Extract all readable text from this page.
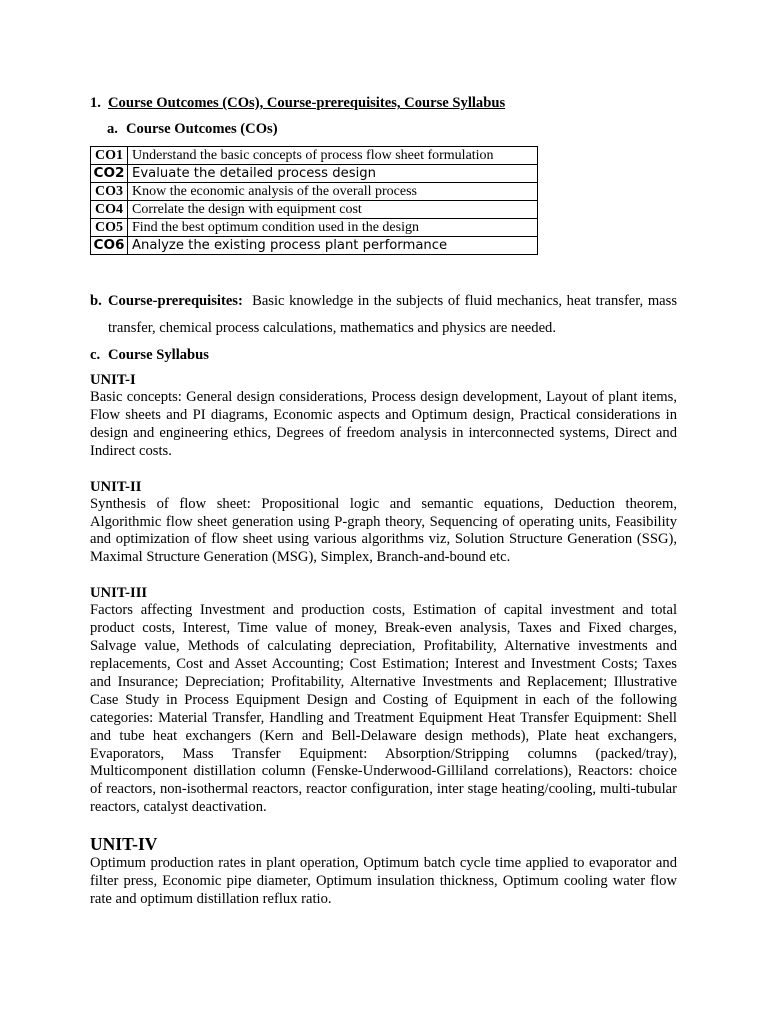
1. Course Outcomes (COs), Course-prerequisites, Course Syllabus
a. Course Outcomes (COs)
CO1	Understand the basic concepts of process flow sheet formulation
CO2	Evaluate the detailed process design
CO3	Know the economic analysis of the overall process
CO4	Correlate the design with equipment cost
CO5	Find the best optimum condition used in the design
CO6	Analyze the existing process plant performance
b. Course-prerequisites: Basic knowledge in the subjects of fluid mechanics, heat transfer, mass transfer, chemical process calculations, mathematics and physics are needed.
c. Course Syllabus
UNIT-I

Basic concepts: General design considerations, Process design development, Layout of plant items, Flow sheets and PI diagrams, Economic aspects and Optimum design, Practical considerations in design and engineering ethics, Degrees of freedom analysis in interconnected systems, Direct and Indirect costs.

UNIT-II

Synthesis of flow sheet: Propositional logic and semantic equations, Deduction theorem, Algorithmic flow sheet generation using P-graph theory, Sequencing of operating units, Feasibility and optimization of flow sheet using various algorithms viz, Solution Structure Generation (SSG), Maximal Structure Generation (MSG), Simplex, Branch-and-bound etc.

UNIT-III

Factors affecting Investment and production costs, Estimation of capital investment and total product costs, Interest, Time value of money, Break-even analysis, Taxes and Fixed charges, Salvage value, Methods of calculating depreciation, Profitability, Alternative investments and replacements, Cost and Asset Accounting; Cost Estimation; Interest and Investment Costs; Taxes and Insurance; Depreciation; Profitability, Alternative Investments and Replacement; Illustrative Case Study in Process Equipment Design and Costing of Equipment in each of the following categories: Material Transfer, Handling and Treatment Equipment Heat Transfer Equipment: Shell and tube heat exchangers (Kern and Bell-Delaware design methods), Plate heat exchangers, Evaporators, Mass Transfer Equipment: Absorption/Stripping columns (packed/tray), Multicomponent distillation column (Fenske-Underwood-Gilliland correlations), Reactors: choice of reactors, non-isothermal reactors, reactor configuration, inter stage heating/cooling, multi-tubular reactors, catalyst deactivation.

UNIT-IV

Optimum production rates in plant operation, Optimum batch cycle time applied to evaporator and filter press, Economic pipe diameter, Optimum insulation thickness, Optimum cooling water flow rate and optimum distillation reflux ratio.
